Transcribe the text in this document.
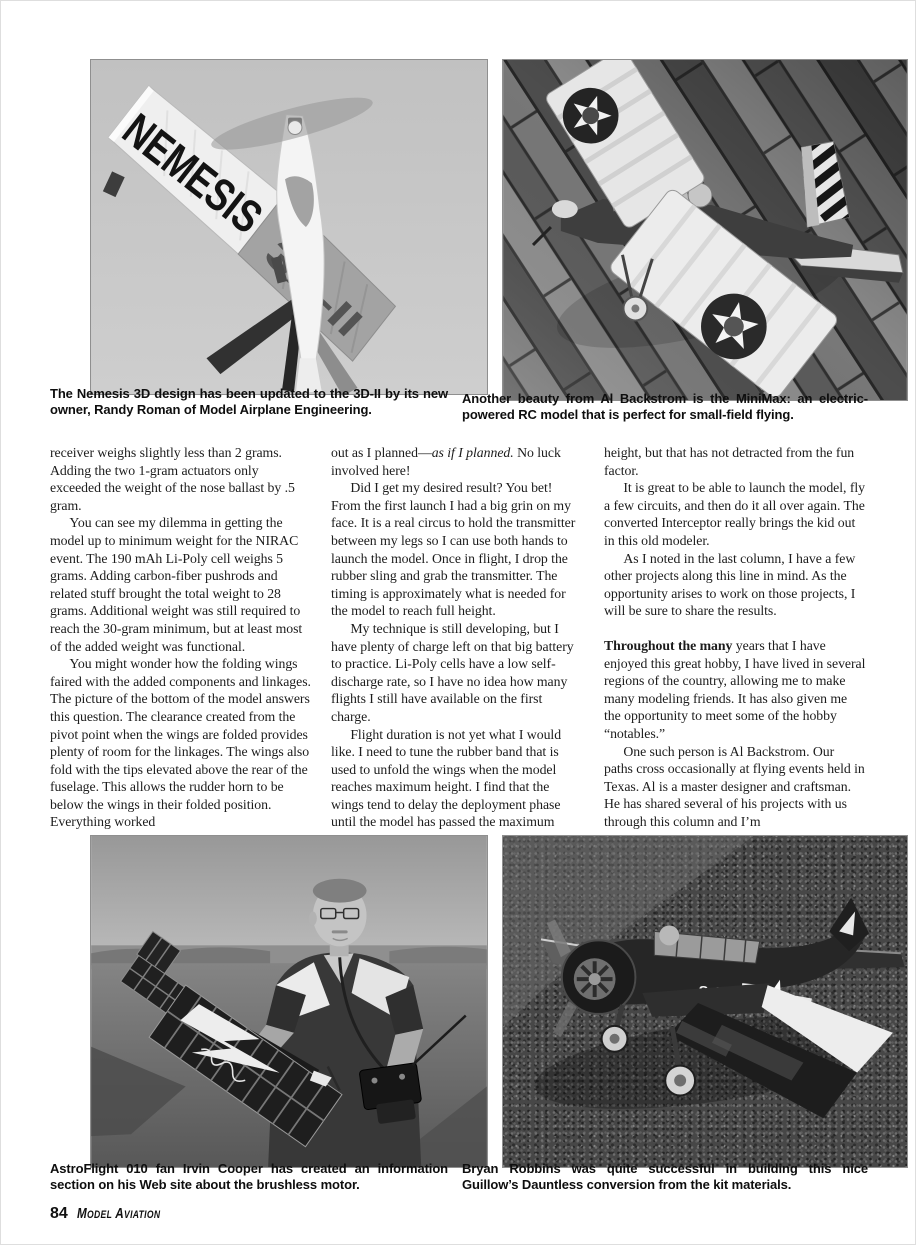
NEMESIS

The Nemesis 3D design has been updated to the 3D-II by its new owner, Randy Roman of Model Airplane Engineering.

Another beauty from Al Backstrom is the MiniMax: an electric-powered RC model that is perfect for small-field flying.

receiver weighs slightly less than 2 grams. Adding the two 1-gram actuators only exceeded the weight of the nose ballast by .5 gram.

You can see my dilemma in getting the model up to minimum weight for the NIRAC event. The 190 mAh Li-Poly cell weighs 5 grams. Adding carbon-fiber pushrods and related stuff brought the total weight to 28 grams. Additional weight was still required to reach the 30-gram minimum, but at least most of the added weight was functional.

You might wonder how the folding wings faired with the added components and linkages. The picture of the bottom of the model answers this question. The clearance created from the pivot point when the wings are folded provides plenty of room for the linkages. The wings also fold with the tips elevated above the rear of the fuselage. This allows the rudder horn to be below the wings in their folded position. Everything worked

out as I planned—as if I planned. No luck involved here!

Did I get my desired result? You bet! From the first launch I had a big grin on my face. It is a real circus to hold the transmitter between my legs so I can use both hands to launch the model. Once in flight, I drop the rubber sling and grab the transmitter. The timing is approximately what is needed for the model to reach full height.

My technique is still developing, but I have plenty of charge left on that big battery to practice. Li-Poly cells have a low self-discharge rate, so I have no idea how many flights I still have available on the first charge.

Flight duration is not yet what I would like. I need to tune the rubber band that is used to unfold the wings when the model reaches maximum height. I find that the wings tend to delay the deployment phase until the model has passed the maximum

height, but that has not detracted from the fun factor.

It is great to be able to launch the model, fly a few circuits, and then do it all over again. The converted Interceptor really brings the kid out in this old modeler.

As I noted in the last column, I have a few other projects along this line in mind. As the opportunity arises to work on those projects, I will be sure to share the results.

Throughout the many years that I have enjoyed this great hobby, I have lived in several regions of the country, allowing me to make many modeling friends. It has also given me the opportunity to meet some of the hobby “notables.”

One such person is Al Backstrom. Our paths cross occasionally at flying events held in Texas. Al is a master designer and craftsman. He has shared several of his projects with us through this column and I’m

AstroFlight 010 fan Irvin Cooper has created an information section on his Web site about the brushless motor.

Bryan Robbins was quite successful in building this nice Guillow’s Dauntless conversion from the kit materials.

84 Model Aviation
